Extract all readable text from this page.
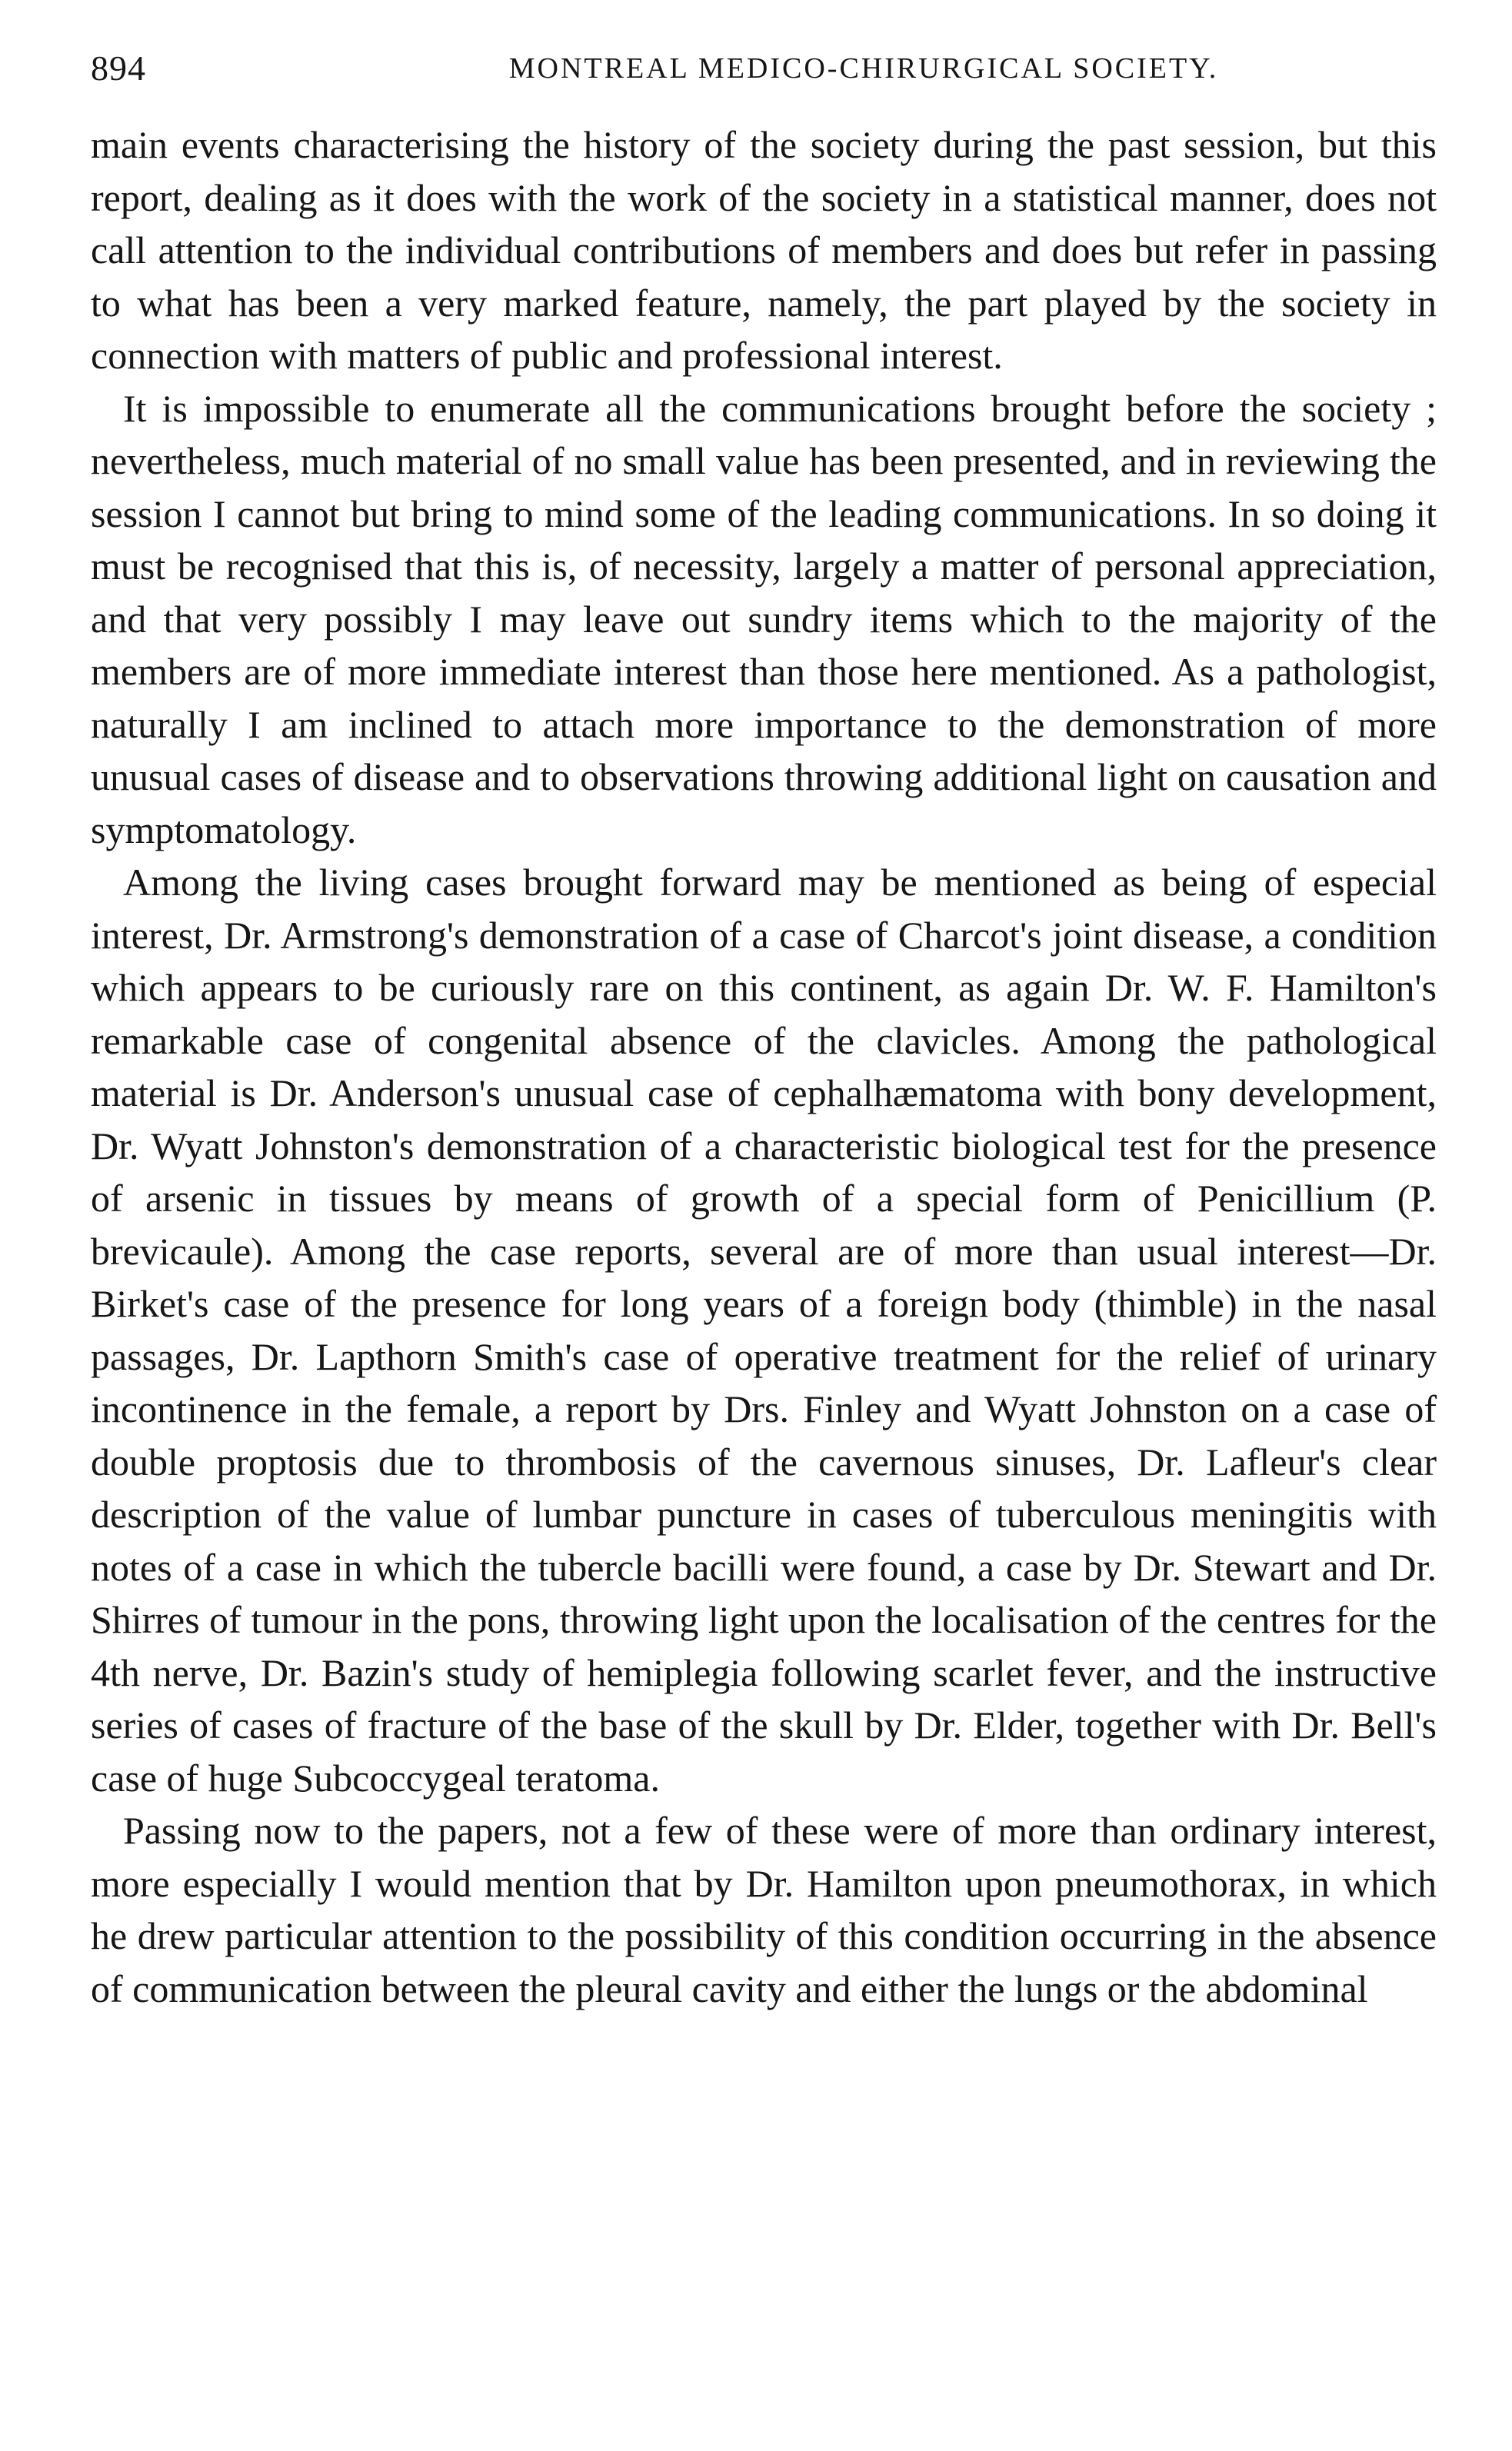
894	MONTREAL MEDICO-CHIRURGICAL SOCIETY.

main events characterising the history of the society during the past session, but this report, dealing as it does with the work of the society in a statistical manner, does not call attention to the individual contributions of members and does but refer in passing to what has been a very marked feature, namely, the part played by the society in connection with matters of public and professional interest.

It is impossible to enumerate all the communications brought before the society ; nevertheless, much material of no small value has been presented, and in reviewing the session I cannot but bring to mind some of the leading communications. In so doing it must be recognised that this is, of necessity, largely a matter of personal appreciation, and that very possibly I may leave out sundry items which to the majority of the members are of more immediate interest than those here mentioned. As a pathologist, naturally I am inclined to attach more importance to the demonstration of more unusual cases of disease and to observations throwing additional light on causation and symptomatology.

Among the living cases brought forward may be mentioned as being of especial interest, Dr. Armstrong's demonstration of a case of Charcot's joint disease, a condition which appears to be curiously rare on this continent, as again Dr. W. F. Hamilton's remarkable case of congenital absence of the clavicles. Among the pathological material is Dr. Anderson's unusual case of cephalhæmatoma with bony development, Dr. Wyatt Johnston's demonstration of a characteristic biological test for the presence of arsenic in tissues by means of growth of a special form of Penicillium (P. brevicaule). Among the case reports, several are of more than usual interest—Dr. Birket's case of the presence for long years of a foreign body (thimble) in the nasal passages, Dr. Lapthorn Smith's case of operative treatment for the relief of urinary incontinence in the female, a report by Drs. Finley and Wyatt Johnston on a case of double proptosis due to thrombosis of the cavernous sinuses, Dr. Lafleur's clear description of the value of lumbar puncture in cases of tuberculous meningitis with notes of a case in which the tubercle bacilli were found, a case by Dr. Stewart and Dr. Shirres of tumour in the pons, throwing light upon the localisation of the centres for the 4th nerve, Dr. Bazin's study of hemiplegia following scarlet fever, and the instructive series of cases of fracture of the base of the skull by Dr. Elder, together with Dr. Bell's case of huge Subcoccygeal teratoma.

Passing now to the papers, not a few of these were of more than ordinary interest, more especially I would mention that by Dr. Hamilton upon pneumothorax, in which he drew particular attention to the possibility of this condition occurring in the absence of communication between the pleural cavity and either the lungs or the abdominal
